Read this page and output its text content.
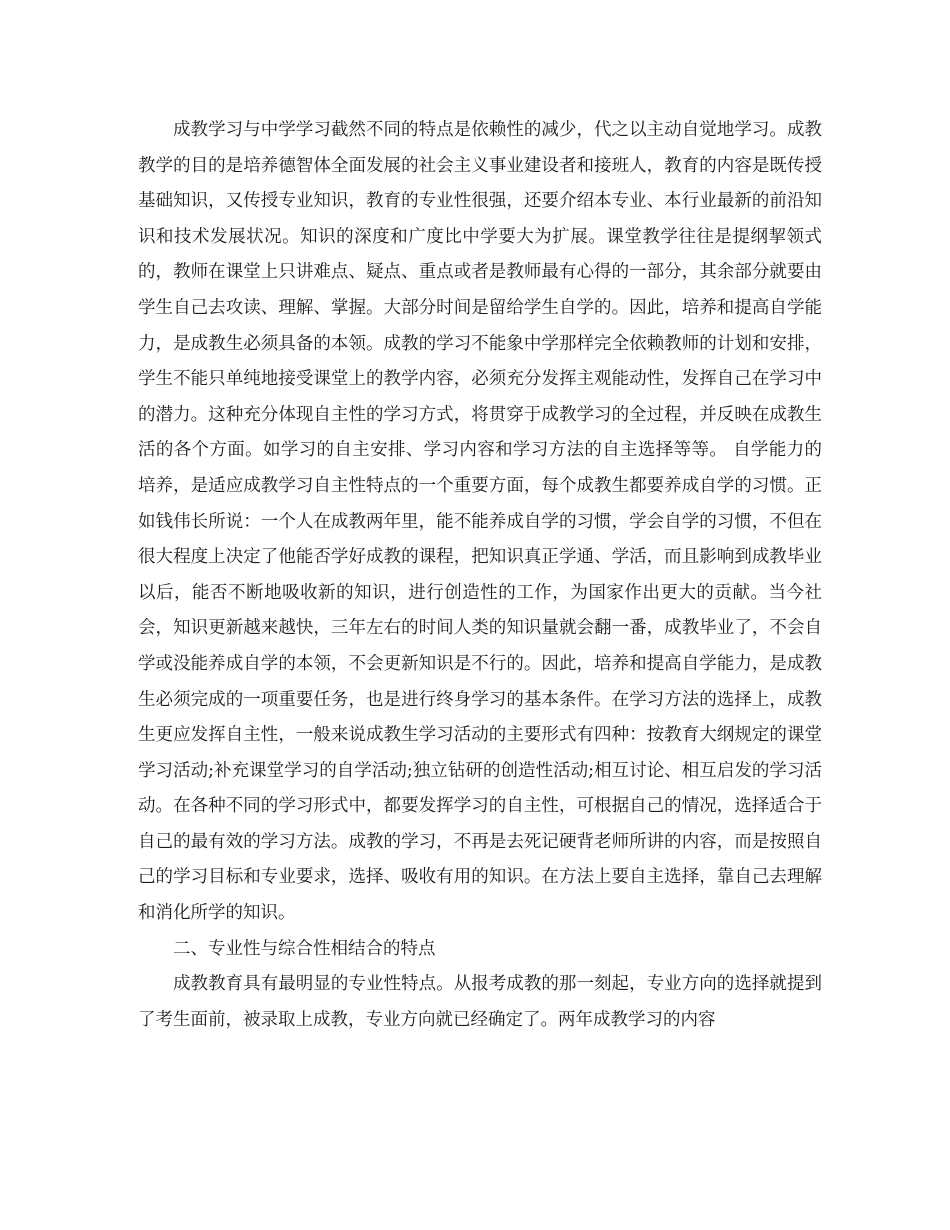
成教学习与中学学习截然不同的特点是依赖性的减少，代之以主动自觉地学习。成教教学的目的是培养德智体全面发展的社会主义事业建设者和接班人，教育的内容是既传授基础知识，又传授专业知识，教育的专业性很强，还要介绍本专业、本行业最新的前沿知识和技术发展状况。知识的深度和广度比中学要大为扩展。课堂教学往往是提纲挈领式的，教师在课堂上只讲难点、疑点、重点或者是教师最有心得的一部分，其余部分就要由学生自己去攻读、理解、掌握。大部分时间是留给学生自学的。因此，培养和提高自学能力，是成教生必须具备的本领。成教的学习不能象中学那样完全依赖教师的计划和安排，学生不能只单纯地接受课堂上的教学内容，必须充分发挥主观能动性，发挥自己在学习中的潜力。这种充分体现自主性的学习方式，将贯穿于成教学习的全过程，并反映在成教生活的各个方面。如学习的自主安排、学习内容和学习方法的自主选择等等。 自学能力的培养，是适应成教学习自主性特点的一个重要方面，每个成教生都要养成自学的习惯。正如钱伟长所说：一个人在成教两年里，能不能养成自学的习惯，学会自学的习惯，不但在很大程度上决定了他能否学好成教的课程，把知识真正学通、学活，而且影响到成教毕业以后，能否不断地吸收新的知识，进行创造性的工作，为国家作出更大的贡献。当今社会，知识更新越来越快，三年左右的时间人类的知识量就会翻一番，成教毕业了，不会自学或没能养成自学的本领，不会更新知识是不行的。因此，培养和提高自学能力，是成教生必须完成的一项重要任务，也是进行终身学习的基本条件。在学习方法的选择上，成教生更应发挥自主性，一般来说成教生学习活动的主要形式有四种：按教育大纲规定的课堂学习活动;补充课堂学习的自学活动;独立钻研的创造性活动;相互讨论、相互启发的学习活动。在各种不同的学习形式中，都要发挥学习的自主性，可根据自己的情况，选择适合于自己的最有效的学习方法。成教的学习，不再是去死记硬背老师所讲的内容，而是按照自己的学习目标和专业要求，选择、吸收有用的知识。在方法上要自主选择，靠自己去理解和消化所学的知识。

二、专业性与综合性相结合的特点

成教教育具有最明显的专业性特点。从报考成教的那一刻起，专业方向的选择就提到了考生面前，被录取上成教，专业方向就已经确定了。两年成教学习的内容
